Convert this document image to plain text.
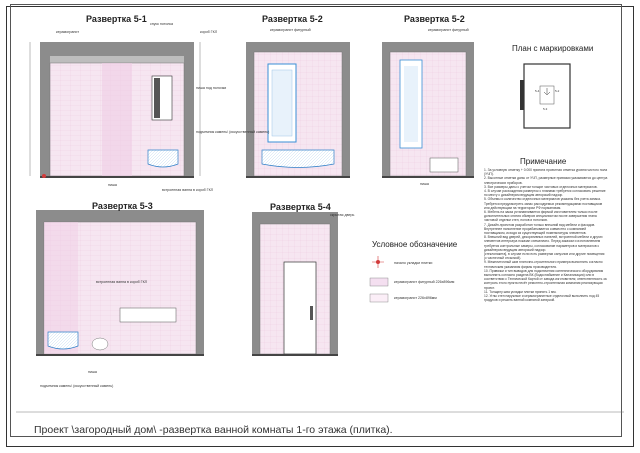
5-4	5-2
5-3
Развертка 5-1 спуск потолка
керамогранит	короб ГКЛ
ниша под полочки
подъемник камень\ (искусственный камень)
встроенная ванна в короб ГКЛ
ниша
Развертка 5-2
керамогранит фигурный
Развертка 5-2
керамогранит фигурный
ниша
План с маркировками
Развертка 5-3
встроенная ванна в короб ГКЛ
подъемник камень\ (искусственный камень)
ниша
Развертка 5-4
скрытая дверь
Условное обозначение
начало укладки плитки
керамогранит фигурный 226х896мм
керамогранит 226х896мм
Примечание

1. За условную отметку + 0.000 принята проектная отметка уровня чистого пола (УЧП).

2. Высотные отметки даны от УЧП, размерные привязки указываются до центра электрических приборов.

3. Все размеры даны с учетом толщин чистовых отделочных материалов.

4. В случае расхождения разверток с планами требуется согласовать решение по месту с дизайнером ведущим авторский надзор.

5. Объемы и количество отделочных материалов указаны без учета запаса. Требуется предусмотреть запас расходуемых рекомендациями поставщиков или действующим на территории РФ нормативам.

6. Мебель на заказ устанавливается фирмой изготовителем только после дополнительных снятия обмеров специалистом после завершения этапа чистовой отделки стен, полов и потолков.

7. Дизайн-проектом разработан только внешний вид мебели и фасадов. Внутреннее наполнение прорабатывается совместно с компанией поставщиком, исходя из существующей номенклатуры элементов.

8. Внешний вид дверей, декоративных панелей, встроенной мебели и других элементов интерьера показан схематично. Перед заказом и изготовлением требуется контрольные замеры, согласование параметров и материалов с дизайнером ведущим авторский надзор.

[стеклопакета], в случае если есть развертки санузлов или другие помещения (с частичный отсылкой).

9. Межплиточный шов плиточно-строительного примера выполнить согласно техническим указаниям фирмы производителя.

10. Привязки и тип выводов для подключения сантехнического оборудования выполнить согласно раздела ВК (Водоснабжение и Канализация) или в соответствии с Технической Картой от завода изготовителя; ответственность за контроль этого пункта несёт ремонтно-строительная компания реализующая проект.

11. Толщину шва укладки плитки принять 1 мм.

12. Углы стен наружные и керамогранитные отделочный выполнить под 45 градусов и решить ванной комнатой затиркой.

Проект \загородный дом\ -развертка ванной комнаты 1-го этажа (плитка).
